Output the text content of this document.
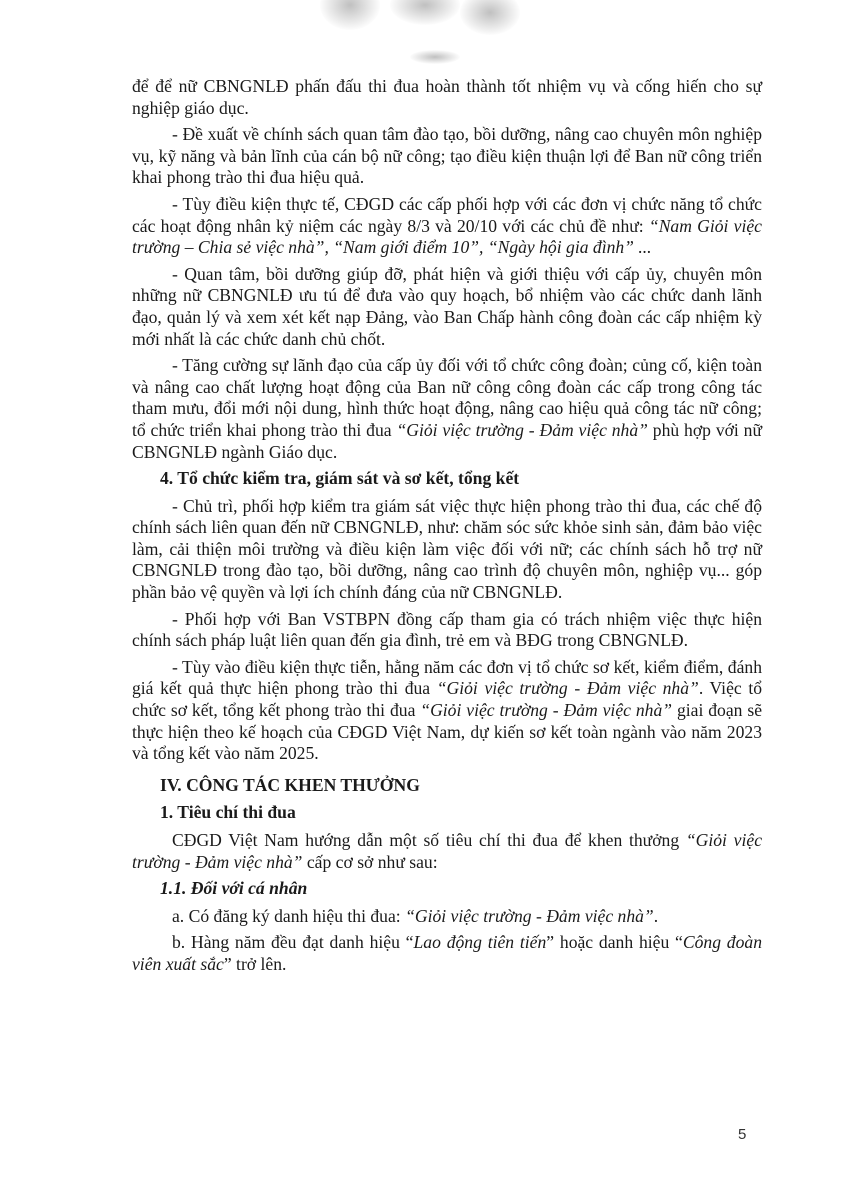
để để nữ CBNGNLĐ phấn đấu thi đua hoàn thành tốt nhiệm vụ và cống hiến cho sự nghiệp giáo dục.

- Đề xuất về chính sách quan tâm đào tạo, bồi dưỡng, nâng cao chuyên môn nghiệp vụ, kỹ năng và bản lĩnh của cán bộ nữ công; tạo điều kiện thuận lợi để Ban nữ công triển khai phong trào thi đua hiệu quả.

- Tùy điều kiện thực tế, CĐGD các cấp phối hợp với các đơn vị chức năng tổ chức các hoạt động nhân kỷ niệm các ngày 8/3 và 20/10 với các chủ đề như: “Nam Giỏi việc trường – Chia sẻ việc nhà”, “Nam giới điểm 10”, “Ngày hội gia đình” ...

- Quan tâm, bồi dưỡng giúp đỡ, phát hiện và giới thiệu với cấp ủy, chuyên môn những nữ CBNGNLĐ ưu tú để đưa vào quy hoạch, bổ nhiệm vào các chức danh lãnh đạo, quản lý và xem xét kết nạp Đảng, vào Ban Chấp hành công đoàn các cấp nhiệm kỳ mới nhất là các chức danh chủ chốt.

- Tăng cường sự lãnh đạo của cấp ủy đối với tổ chức công đoàn; củng cố, kiện toàn và nâng cao chất lượng hoạt động của Ban nữ công công đoàn các cấp trong công tác tham mưu, đổi mới nội dung, hình thức hoạt động, nâng cao hiệu quả công tác nữ công; tổ chức triển khai phong trào thi đua “Giỏi việc trường - Đảm việc nhà” phù hợp với nữ CBNGNLĐ ngành Giáo dục.

4. Tổ chức kiểm tra, giám sát và sơ kết, tổng kết

- Chủ trì, phối hợp kiểm tra giám sát việc thực hiện phong trào thi đua, các chế độ chính sách liên quan đến nữ CBNGNLĐ, như: chăm sóc sức khỏe sinh sản, đảm bảo việc làm, cải thiện môi trường và điều kiện làm việc đối với nữ; các chính sách hỗ trợ nữ CBNGNLĐ trong đào tạo, bồi dưỡng, nâng cao trình độ chuyên môn, nghiệp vụ... góp phần bảo vệ quyền và lợi ích chính đáng của nữ CBNGNLĐ.

- Phối hợp với Ban VSTBPN đồng cấp tham gia có trách nhiệm việc thực hiện chính sách pháp luật liên quan đến gia đình, trẻ em và BĐG trong CBNGNLĐ.

- Tùy vào điều kiện thực tiễn, hằng năm các đơn vị tổ chức sơ kết, kiểm điểm, đánh giá kết quả thực hiện phong trào thi đua “Giỏi việc trường - Đảm việc nhà”. Việc tổ chức sơ kết, tổng kết phong trào thi đua “Giỏi việc trường - Đảm việc nhà” giai đoạn sẽ thực hiện theo kế hoạch của CĐGD Việt Nam, dự kiến sơ kết toàn ngành vào năm 2023 và tổng kết vào năm 2025.

IV. CÔNG TÁC KHEN THƯỞNG

1. Tiêu chí thi đua

CĐGD Việt Nam hướng dẫn một số tiêu chí thi đua để khen thưởng “Giỏi việc trường - Đảm việc nhà” cấp cơ sở như sau:

1.1. Đối với cá nhân

a. Có đăng ký danh hiệu thi đua: “Giỏi việc trường - Đảm việc nhà”.

b. Hàng năm đều đạt danh hiệu “Lao động tiên tiến” hoặc danh hiệu “Công đoàn viên xuất sắc” trở lên.

5
